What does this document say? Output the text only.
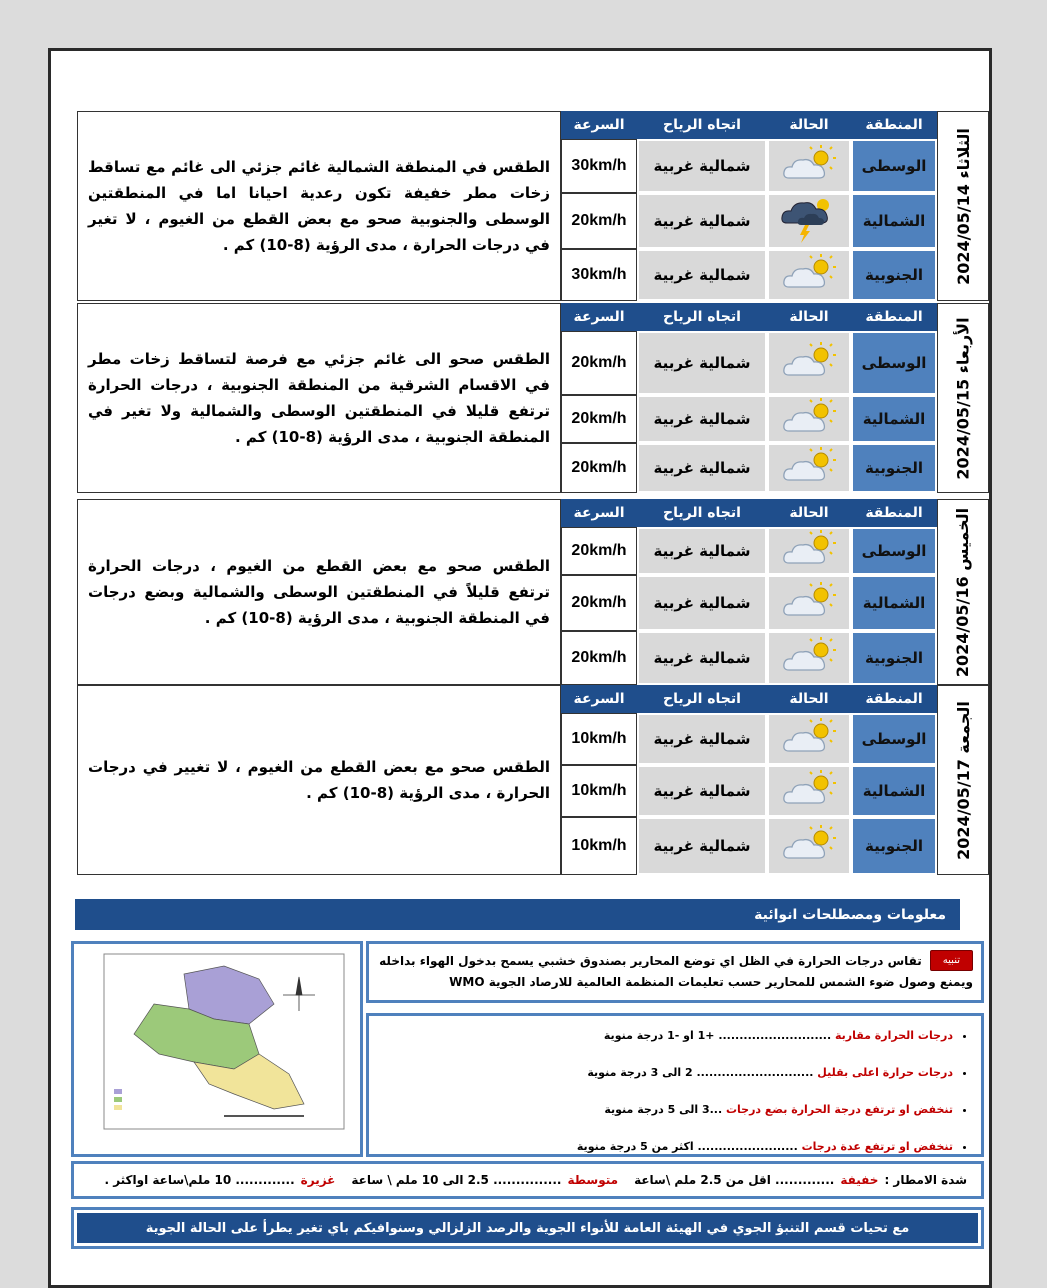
الثلاثاء 2024/05/14
المنطقة
الحالة
اتجاه الرياح
السرعة
الوسطى
شمالية غربية
30km/h
الشمالية
شمالية غربية
20km/h
الجنوبية
شمالية غربية
30km/h
الطقس في المنطقة الشمالية غائم جزئي الى غائم مع تساقط زخات مطر خفيفة تكون رعدية احيانا اما في المنطقتين الوسطى والجنوبية صحو مع بعض القطع من الغيوم ، لا تغير في درجات الحرارة ، مدى الرؤية (8-10) كم .
الأربعاء 2024/05/15
المنطقة
الحالة
اتجاه الرياح
السرعة
الوسطى
شمالية غربية
20km/h
الشمالية
شمالية غربية
20km/h
الجنوبية
شمالية غربية
20km/h
الطقس صحو الى غائم جزئي مع فرصة لتساقط زخات مطر في الاقسام الشرقية من المنطقة الجنوبية ، درجات الحرارة ترتفع قليلا في المنطقتين الوسطى والشمالية ولا تغير في المنطقة الجنوبية ، مدى الرؤية (8-10) كم .
الخميس 2024/05/16
المنطقة
الحالة
اتجاه الرياح
السرعة
الوسطى
شمالية غربية
20km/h
الشمالية
شمالية غربية
20km/h
الجنوبية
شمالية غربية
20km/h
الطقس صحو مع بعض القطع من الغيوم ، درجات الحرارة ترتفع قليلاً في المنطقتين الوسطى والشمالية وبضع درجات في المنطقة الجنوبية ، مدى الرؤية (8-10) كم .
الجمعة 2024/05/17
المنطقة
الحالة
اتجاه الرياح
السرعة
الوسطى
شمالية غربية
10km/h
الشمالية
شمالية غربية
10km/h
الجنوبية
شمالية غربية
10km/h
الطقس صحو مع بعض القطع من الغيوم ، لا تغيير في درجات الحرارة ، مدى الرؤية (8-10) كم .
معلومات ومصطلحات انوائية
تنبيه
تقاس درجات الحرارة في الظل اي توضع المحارير بصندوق خشبي يسمح بدخول الهواء بداخله ويمنع وصول ضوء الشمس للمحارير حسب تعليمات المنظمة العالمية للارصاد الجوية WMO
• درجات الحرارة مقاربة ........................... +1 او -1 درجة منوية
• درجات حرارة اعلى بقليل ............................ 2 الى 3 درجة منوية
• تنخفض او ترتفع درجة الحرارة بضع درجات ...3 الى 5 درجة منوية
• تنخفض او ترتفع عدة درجات ........................ اكثر من 5 درجة منوية
شدة الامطار :
خفيفة
............. اقل من 2.5 ملم \ساعة
متوسطة
............... 2.5 الى 10 ملم \ ساعة
غزيرة
............. 10 ملم\ساعة اواكثر .
مع تحيات قسم التنبؤ الجوي في الهيئة العامة للأنواء الجوية والرصد الزلزالي وسنوافيكم باي تغير يطرأ على الحالة الجوية
